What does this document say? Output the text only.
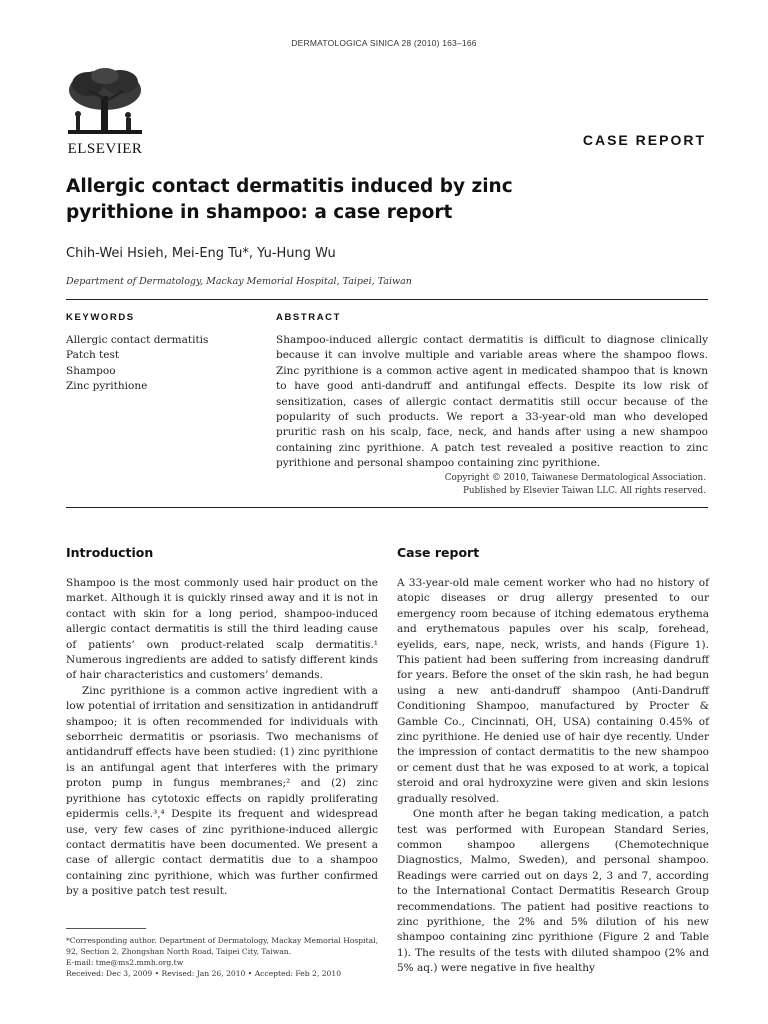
DERMATOLOGICA SINICA 28 (2010) 163–166
ELSEVIER
CASE REPORT
Allergic contact dermatitis induced by zinc pyrithione in shampoo: a case report
Chih-Wei Hsieh, Mei-Eng Tu*, Yu-Hung Wu
Department of Dermatology, Mackay Memorial Hospital, Taipei, Taiwan
KEYWORDS
Allergic contact dermatitis
Patch test
Shampoo
Zinc pyrithione
ABSTRACT

Shampoo-induced allergic contact dermatitis is difficult to diagnose clinically because it can involve multiple and variable areas where the shampoo flows. Zinc pyrithione is a common active agent in medicated shampoo that is known to have good anti-dandruff and antifungal effects. Despite its low risk of sensitization, cases of allergic contact dermatitis still occur because of the popularity of such products. We report a 33-year-old man who developed pruritic rash on his scalp, face, neck, and hands after using a new shampoo containing zinc pyrithione. A patch test revealed a positive reaction to zinc pyrithione and personal shampoo containing zinc pyrithione.

Copyright © 2010, Taiwanese Dermatological Association.
Published by Elsevier Taiwan LLC. All rights reserved.
Introduction

Shampoo is the most commonly used hair product on the market. Although it is quickly rinsed away and it is not in contact with skin for a long period, shampoo-induced allergic contact dermatitis is still the third leading cause of patients’ own product-related scalp dermatitis.¹ Numerous ingredients are added to satisfy different kinds of hair characteristics and customers’ demands.

Zinc pyrithione is a common active ingredient with a low potential of irritation and sensitization in antidandruff shampoo; it is often recommended for individuals with seborrheic dermatitis or psoriasis. Two mechanisms of antidandruff effects have been studied: (1) zinc pyrithione is an antifungal agent that interferes with the primary proton pump in fungus membranes;² and (2) zinc pyrithione has cytotoxic effects on rapidly proliferating epidermis cells.³,⁴ Despite its frequent and widespread use, very few cases of zinc pyrithione-induced allergic contact dermatitis have been documented. We present a case of allergic contact dermatitis due to a shampoo containing zinc pyrithione, which was further confirmed by a positive patch test result.

Case report

A 33-year-old male cement worker who had no history of atopic diseases or drug allergy presented to our emergency room because of itching edematous erythema and erythematous papules over his scalp, forehead, eyelids, ears, nape, neck, wrists, and hands (Figure 1). This patient had been suffering from increasing dandruff for years. Before the onset of the skin rash, he had begun using a new anti-dandruff shampoo (Anti-Dandruff Conditioning Shampoo, manufactured by Procter & Gamble Co., Cincinnati, OH, USA) containing 0.45% of zinc pyrithione. He denied use of hair dye recently. Under the impression of contact dermatitis to the new shampoo or cement dust that he was exposed to at work, a topical steroid and oral hydroxyzine were given and skin lesions gradually resolved.

One month after he began taking medication, a patch test was performed with European Standard Series, common shampoo allergens (Chemotechnique Diagnostics, Malmo, Sweden), and personal shampoo. Readings were carried out on days 2, 3 and 7, according to the International Contact Dermatitis Research Group recommendations. The patient had positive reactions to zinc pyrithione, the 2% and 5% dilution of his new shampoo containing zinc pyrithione (Figure 2 and Table 1). The results of the tests with diluted shampoo (2% and 5% aq.) were negative in five healthy

*Corresponding author. Department of Dermatology, Mackay Memorial Hospital, 92, Section 2, Zhongshan North Road, Taipei City, Taiwan.

E-mail: tme@ms2.mmh.org.tw

Received: Dec 3, 2009 • Revised: Jan 26, 2010 • Accepted: Feb 2, 2010
